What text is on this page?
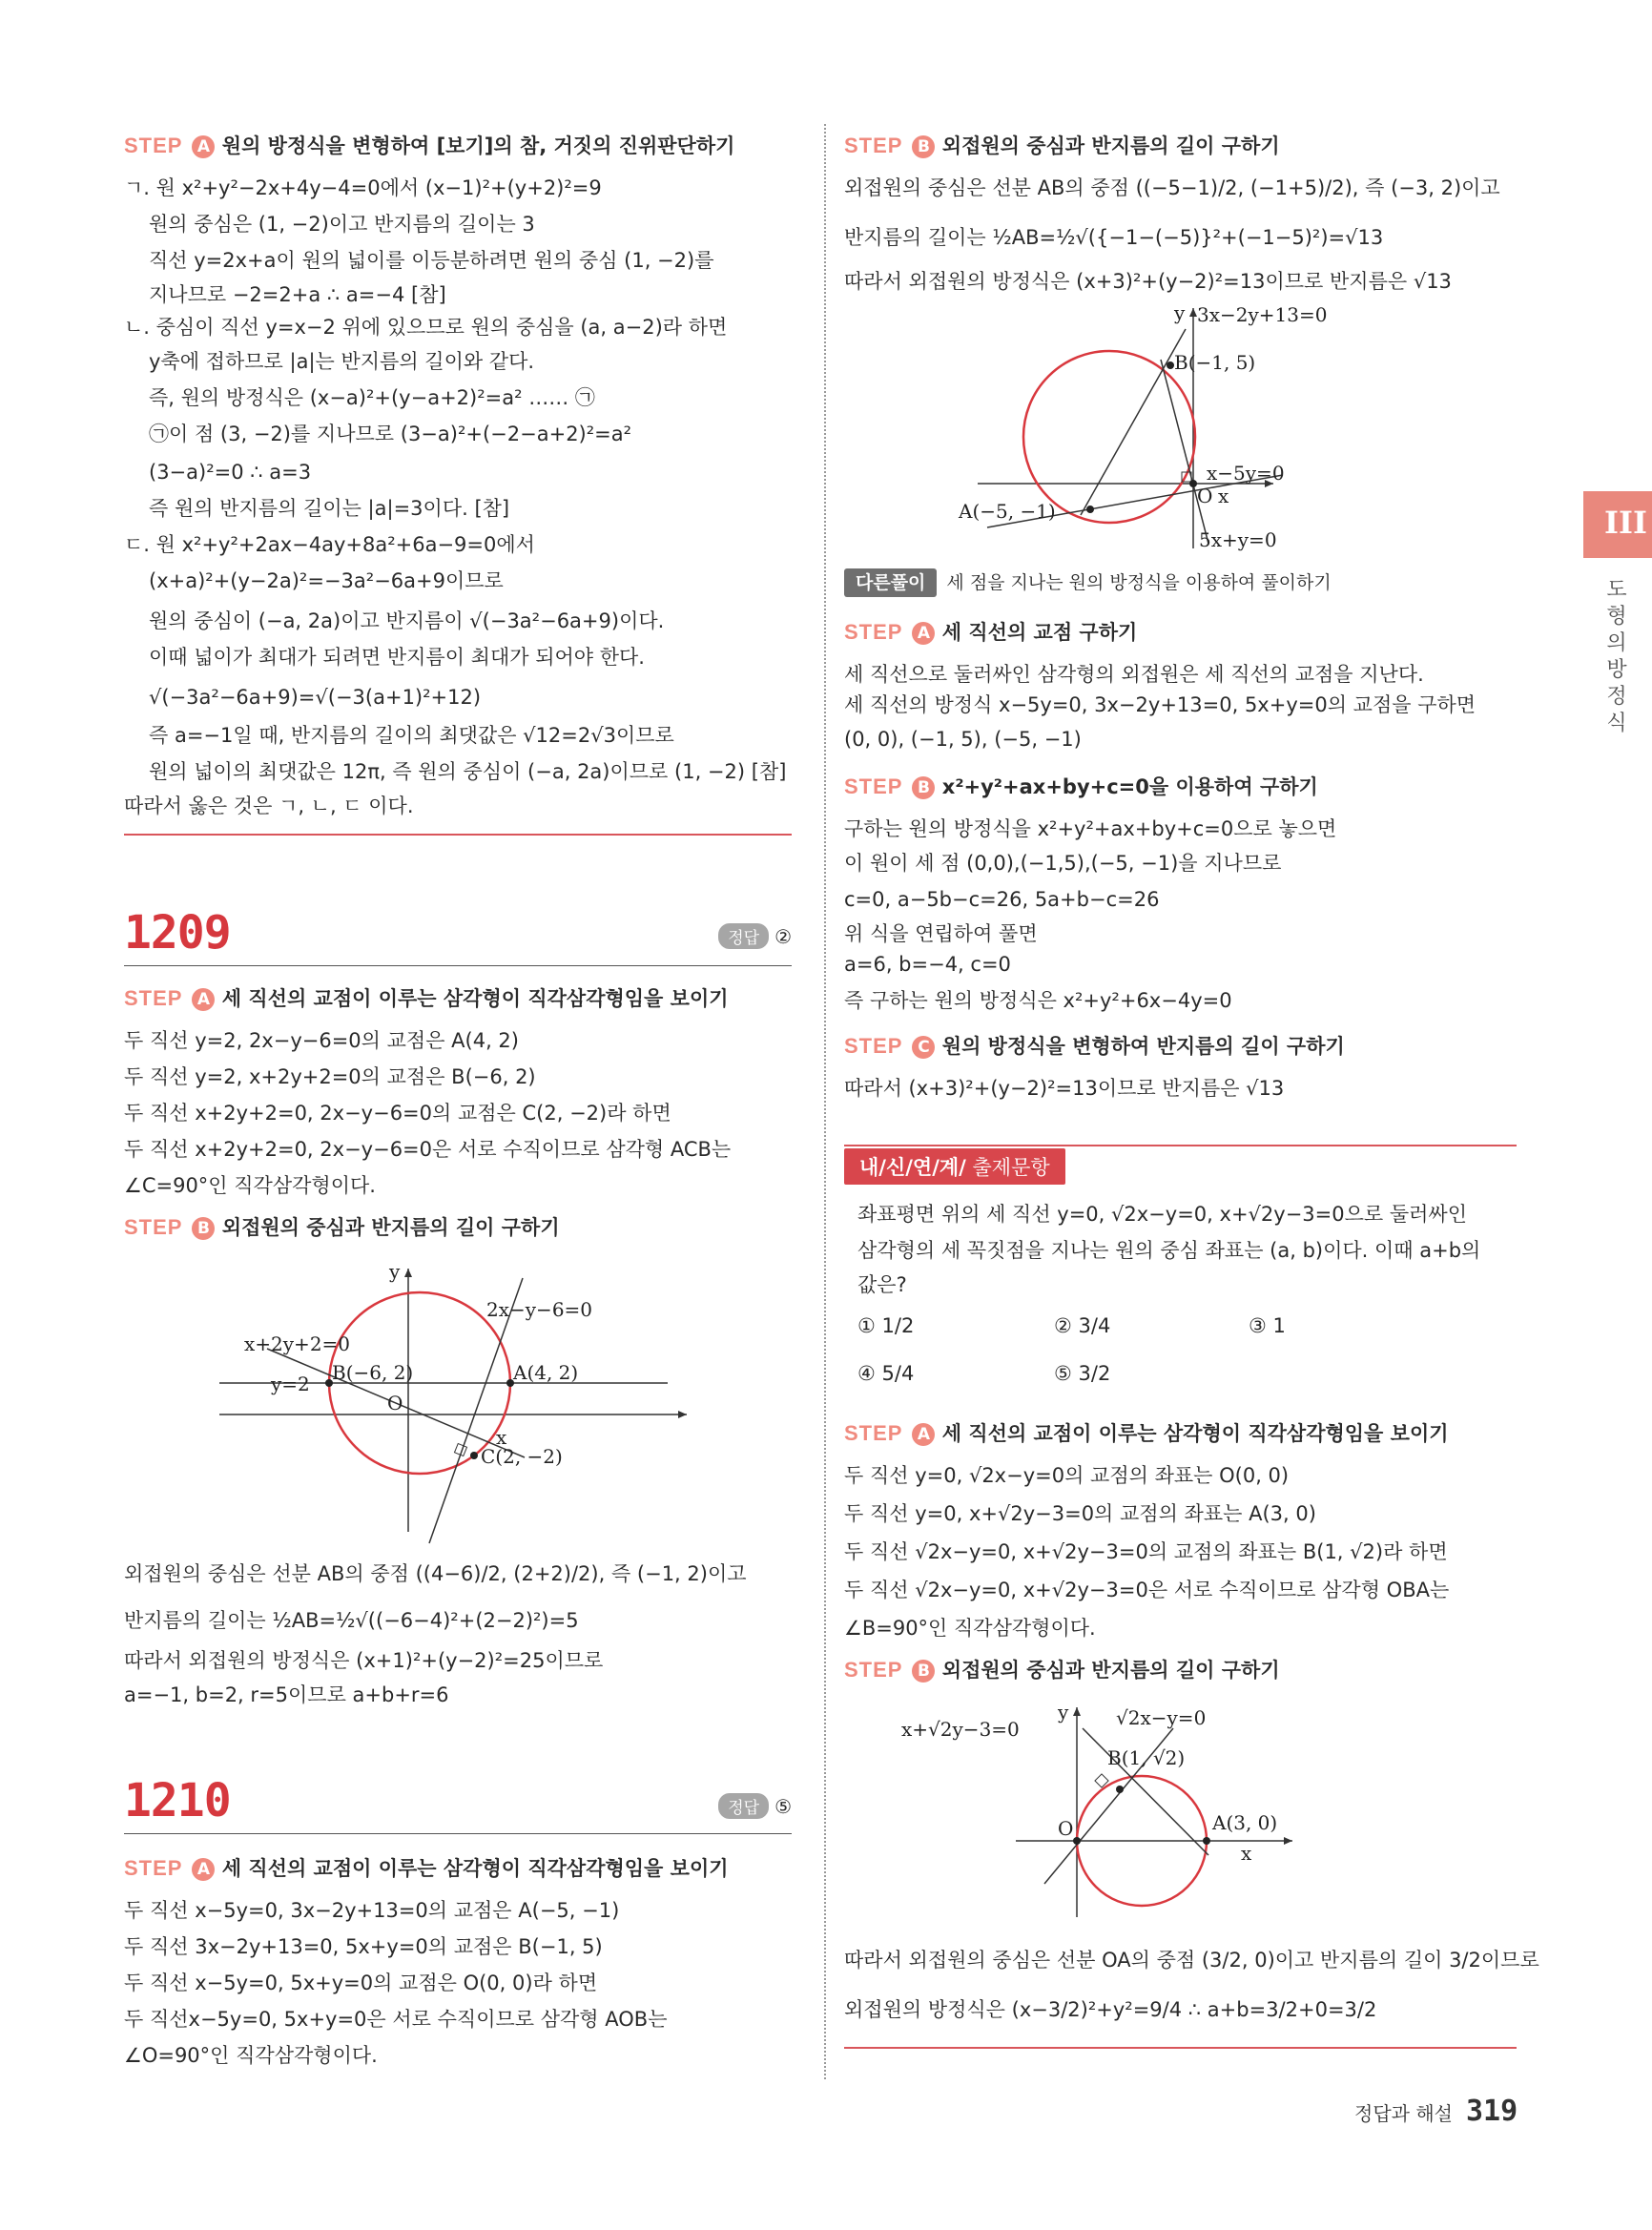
STEP A 원의 방정식을 변형하여 [보기]의 참, 거짓의 진위판단하기
ㄱ. 원 x²+y²−2x+4y−4=0에서 (x−1)²+(y+2)²=9
원의 중심은 (1, −2)이고 반지름의 길이는 3
직선 y=2x+a이 원의 넓이를 이등분하려면 원의 중심 (1, −2)를
지나므로 −2=2+a ∴ a=−4 [참]
ㄴ. 중심이 직선 y=x−2 위에 있으므로 원의 중심을 (a, a−2)라 하면
y축에 접하므로 |a|는 반지름의 길이와 같다.
즉, 원의 방정식은 (x−a)²+(y−a+2)²=a² …… ㉠
㉠이 점 (3, −2)를 지나므로 (3−a)²+(−2−a+2)²=a²
(3−a)²=0 ∴ a=3
즉 원의 반지름의 길이는 |a|=3이다. [참]
ㄷ. 원 x²+y²+2ax−4ay+8a²+6a−9=0에서
(x+a)²+(y−2a)²=−3a²−6a+9이므로
원의 중심이 (−a, 2a)이고 반지름이 √(−3a²−6a+9)이다.
이때 넓이가 최대가 되려면 반지름이 최대가 되어야 한다.
√(−3a²−6a+9)=√(−3(a+1)²+12)
즉 a=−1일 때, 반지름의 길이의 최댓값은 √12=2√3이므로
원의 넓이의 최댓값은 12π, 즉 원의 중심이 (−a, 2a)이므로 (1, −2) [참]
따라서 옳은 것은 ㄱ, ㄴ, ㄷ 이다.
1209	정답 ②
STEP A 세 직선의 교점이 이루는 삼각형이 직각삼각형임을 보이기
두 직선 y=2, 2x−y−6=0의 교점은 A(4, 2)
두 직선 y=2, x+2y+2=0의 교점은 B(−6, 2)
두 직선 x+2y+2=0, 2x−y−6=0의 교점은 C(2, −2)라 하면
두 직선 x+2y+2=0, 2x−y−6=0은 서로 수직이므로 삼각형 ACB는
∠C=90°인 직각삼각형이다.
STEP B 외접원의 중심과 반지름의 길이 구하기
y
x
O
2x−y−6=0
x+2y+2=0
y=2 B(−6, 2)	A(4, 2)
C(2, −2)
외접원의 중심은 선분 AB의 중점 ((4−6)/2, (2+2)/2), 즉 (−1, 2)이고
반지름의 길이는 ½AB=½√((−6−4)²+(2−2)²)=5
따라서 외접원의 방정식은 (x+1)²+(y−2)²=25이므로
a=−1, b=2, r=5이므로 a+b+r=6
1210	정답 ⑤
STEP A 세 직선의 교점이 이루는 삼각형이 직각삼각형임을 보이기
두 직선 x−5y=0, 3x−2y+13=0의 교점은 A(−5, −1)
두 직선 3x−2y+13=0, 5x+y=0의 교점은 B(−1, 5)
두 직선 x−5y=0, 5x+y=0의 교점은 O(0, 0)라 하면
두 직선x−5y=0, 5x+y=0은 서로 수직이므로 삼각형 AOB는
∠O=90°인 직각삼각형이다.
STEP B 외접원의 중심과 반지름의 길이 구하기
외접원의 중심은 선분 AB의 중점 ((−5−1)/2, (−1+5)/2), 즉 (−3, 2)이고
반지름의 길이는 ½AB=½√({−1−(−5)}²+(−1−5)²)=√13
따라서 외접원의 방정식은 (x+3)²+(y−2)²=13이므로 반지름은 √13
y
x
O
3x−2y+13=0
x−5y=0
5x+y=0
B(−1, 5)
A(−5, −1)
다른풀이 세 점을 지나는 원의 방정식을 이용하여 풀이하기
STEP A 세 직선의 교점 구하기
세 직선으로 둘러싸인 삼각형의 외접원은 세 직선의 교점을 지난다.
세 직선의 방정식 x−5y=0, 3x−2y+13=0, 5x+y=0의 교점을 구하면
(0, 0), (−1, 5), (−5, −1)
STEP B x²+y²+ax+by+c=0을 이용하여 구하기
구하는 원의 방정식을 x²+y²+ax+by+c=0으로 놓으면
이 원이 세 점 (0,0),(−1,5),(−5, −1)을 지나므로
c=0, a−5b−c=26, 5a+b−c=26
위 식을 연립하여 풀면
a=6, b=−4, c=0
즉 구하는 원의 방정식은 x²+y²+6x−4y=0
STEP C 원의 방정식을 변형하여 반지름의 길이 구하기
따라서 (x+3)²+(y−2)²=13이므로 반지름은 √13
내/신/연/계/ 출제문항
좌표평면 위의 세 직선 y=0, √2x−y=0, x+√2y−3=0으로 둘러싸인
삼각형의 세 꼭짓점을 지나는 원의 중심 좌표는 (a, b)이다. 이때 a+b의
값은?
① 1/2	② 3/4	③ 1
④ 5/4	⑤ 3/2
STEP A 세 직선의 교점이 이루는 삼각형이 직각삼각형임을 보이기
두 직선 y=0, √2x−y=0의 교점의 좌표는 O(0, 0)
두 직선 y=0, x+√2y−3=0의 교점의 좌표는 A(3, 0)
두 직선 √2x−y=0, x+√2y−3=0의 교점의 좌표는 B(1, √2)라 하면
두 직선 √2x−y=0, x+√2y−3=0은 서로 수직이므로 삼각형 OBA는
∠B=90°인 직각삼각형이다.
STEP B 외접원의 중심과 반지름의 길이 구하기
y
x
O
x+√2y−3=0	√2x−y=0
B(1, √2)
A(3, 0)
따라서 외접원의 중심은 선분 OA의 중점 (3/2, 0)이고 반지름의 길이 3/2이므로
외접원의 방정식은 (x−3/2)²+y²=9/4 ∴ a+b=3/2+0=3/2
III
도형의 방정식
정답과 해설 319
